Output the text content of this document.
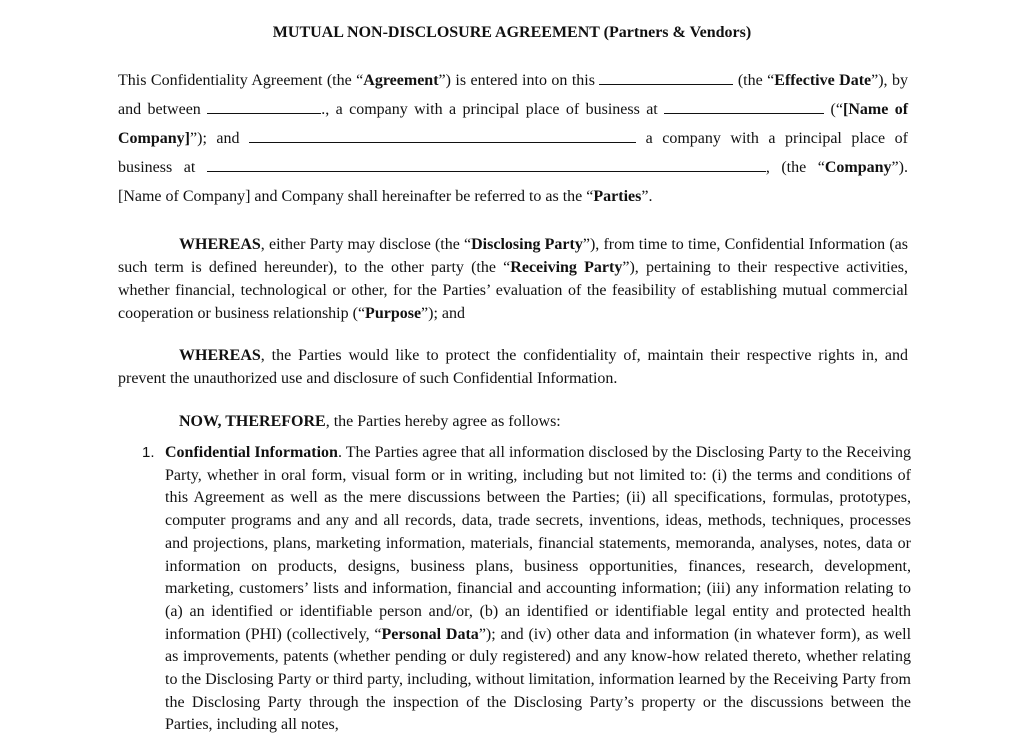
MUTUAL NON-DISCLOSURE AGREEMENT (Partners & Vendors)

This Confidentiality Agreement (the “Agreement”) is entered into on this	(the “Effective Date”), by and between	., a company with a principal place of business at	(“[Name of Company]”); and	a company with a principal place of business at	, (the “Company”). [Name of Company] and Company shall hereinafter be referred to as the “Parties”.

WHEREAS, either Party may disclose (the “Disclosing Party”), from time to time, Confidential Information (as such term is defined hereunder), to the other party (the “Receiving Party”), pertaining to their respective activities, whether financial, technological or other, for the Parties’ evaluation of the feasibility of establishing mutual commercial cooperation or business relationship (“Purpose”); and

WHEREAS, the Parties would like to protect the confidentiality of, maintain their respective rights in, and prevent the unauthorized use and disclosure of such Confidential Information.

NOW, THEREFORE, the Parties hereby agree as follows:

1. Confidential Information. The Parties agree that all information disclosed by the Disclosing Party to the Receiving Party, whether in oral form, visual form or in writing, including but not limited to: (i) the terms and conditions of this Agreement as well as the mere discussions between the Parties; (ii) all specifications, formulas, prototypes, computer programs and any and all records, data, trade secrets, inventions, ideas, methods, techniques, processes and projections, plans, marketing information, materials, financial statements, memoranda, analyses, notes, data or information on products, designs, business plans, business opportunities, finances, research, development, marketing, customers’ lists and information, financial and accounting information; (iii) any information relating to (a) an identified or identifiable person and/or, (b) an identified or identifiable legal entity and protected health information (PHI) (collectively, “Personal Data”); and (iv) other data and information (in whatever form), as well as improvements, patents (whether pending or duly registered) and any know-how related thereto, whether relating to the Disclosing Party or third party, including, without limitation, information learned by the Receiving Party from the Disclosing Party through the inspection of the Disclosing Party’s property or the discussions between the Parties, including all notes,
